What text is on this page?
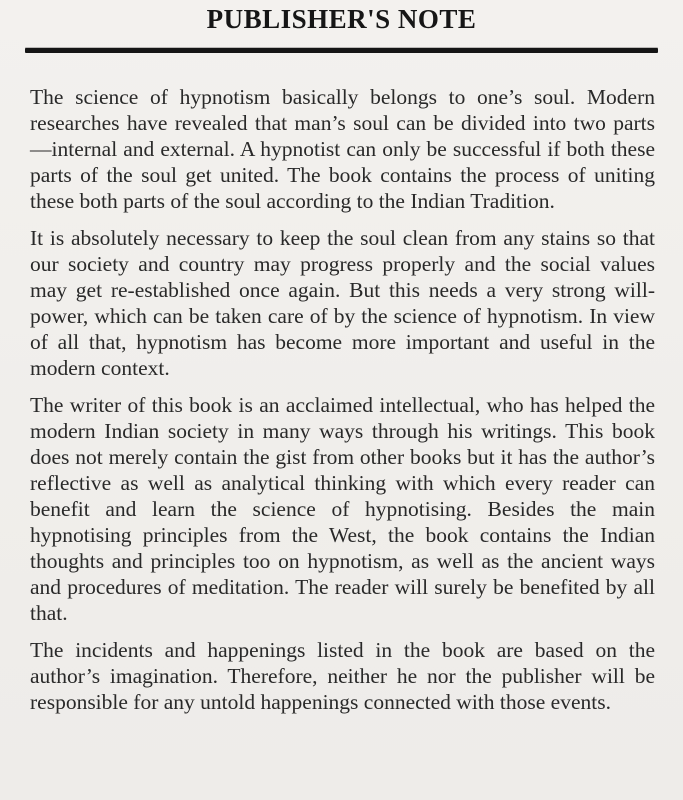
PUBLISHER'S NOTE

The science of hypnotism basically belongs to one’s soul. Modern researches have revealed that man’s soul can be divided into two parts—internal and external. A hypnotist can only be successful if both these parts of the soul get united. The book contains the process of uniting these both parts of the soul according to the Indian Tradition.

It is absolutely necessary to keep the soul clean from any stains so that our society and country may progress properly and the social values may get re-established once again. But this needs a very strong will-power, which can be taken care of by the science of hypnotism. In view of all that, hypnotism has become more important and useful in the modern context.

The writer of this book is an acclaimed intellectual, who has helped the modern Indian society in many ways through his writings. This book does not merely contain the gist from other books but it has the author’s reflective as well as analytical thinking with which every reader can benefit and learn the science of hypnotising. Besides the main hypnotising principles from the West, the book contains the Indian thoughts and principles too on hypnotism, as well as the ancient ways and procedures of meditation. The reader will surely be benefited by all that.

The incidents and happenings listed in the book are based on the author’s imagination. Therefore, neither he nor the publisher will be responsible for any untold happenings connected with those events.
